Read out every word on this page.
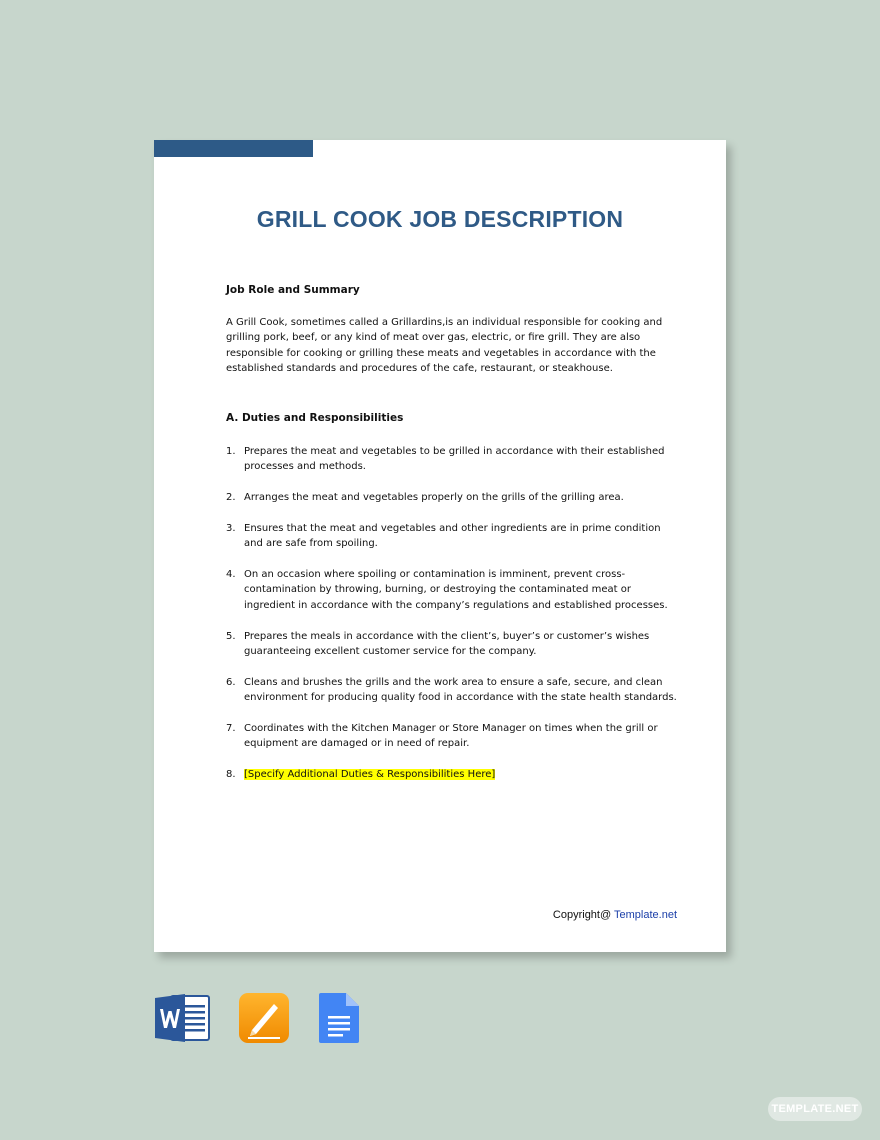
GRILL COOK JOB DESCRIPTION

Job Role and Summary

A Grill Cook, sometimes called a Grillardins,is an individual responsible for cooking and grilling pork, beef, or any kind of meat over gas, electric, or fire grill. They are also responsible for cooking or grilling these meats and vegetables in accordance with the established standards and procedures of the cafe, restaurant, or steakhouse.

A. Duties and Responsibilities

1. Prepares the meat and vegetables to be grilled in accordance with their established processes and methods.
2. Arranges the meat and vegetables properly on the grills of the grilling area.
3. Ensures that the meat and vegetables and other ingredients are in prime condition and are safe from spoiling.
4. On an occasion where spoiling or contamination is imminent, prevent cross-contamination by throwing, burning, or destroying the contaminated meat or ingredient in accordance with the company’s regulations and established processes.
5. Prepares the meals in accordance with the client’s, buyer’s or customer’s wishes guaranteeing excellent customer service for the company.
6. Cleans and brushes the grills and the work area to ensure a safe, secure, and clean environment for producing quality food in accordance with the state health standards.
7. Coordinates with the Kitchen Manager or Store Manager on times when the grill or equipment are damaged or in need of repair.
8. [Specify Additional Duties & Responsibilities Here]
Copyright@ Template.net
TEMPLATE.NET
